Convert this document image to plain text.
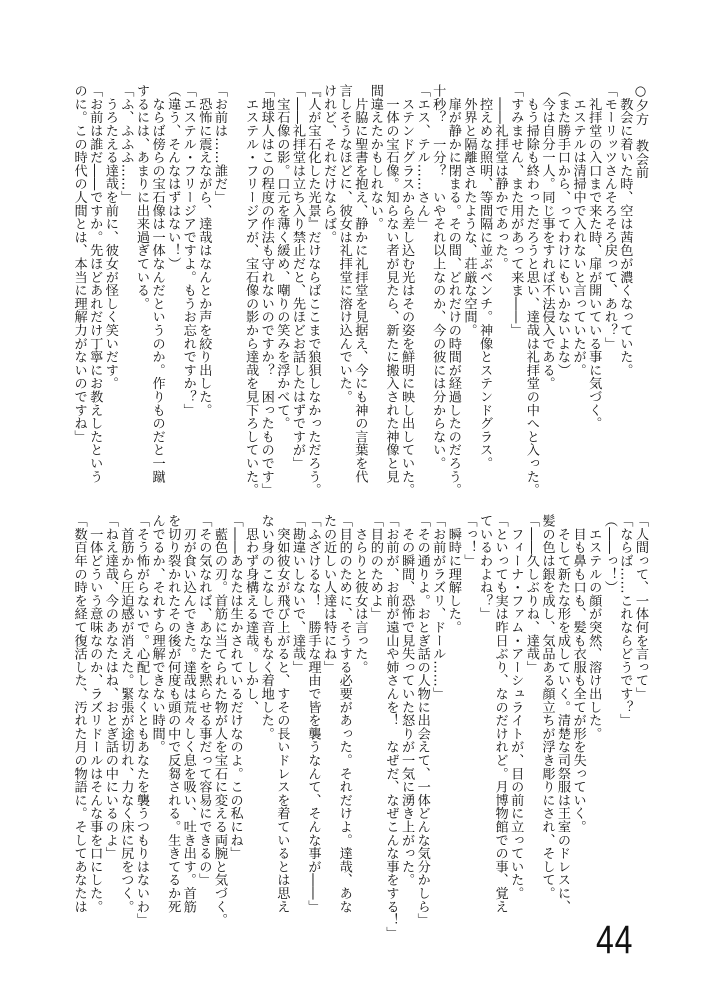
○夕方　教会前
　教会に着いた時、空は茜色が濃くなっていた。
「モーリッツさんそろそろ戻って、あれ？」
　礼拝堂の入口まで来た時、扉が開いている事に気づく。
　エステルは清掃中で入れないと言っていたが。
（また勝手口から、ってわけにもいかないよな）
　今は自分一人。同じ事をすれば不法侵入である。
　もう掃除も終わっただろうと思い、達哉は礼拝堂の中へと入った。
「すみません、また用があって来ま――」
　――礼拝堂は静かであった。
　控えめな照明、等間隔に並ぶベンチ。神像とステンドグラス。
　外界と隔離されたような、荘厳な空間。
　扉が静かに閉まる。その間、どれだけの時間が経過したのだろう。
十秒？　一分？　いやそれ以上なのか、今の彼には分からない。
「エス、テル……さん」
　ステンドグラスから差し込む光はその姿を鮮明に映し出していた。
　一体の宝石像。知らない者が見たら、新たに搬入された神像と見
間違えたかもしれない。
　片脇に聖書を抱え、静かに礼拝堂を見据え、今にも神の言葉を代
言しそうなほどに、彼女は礼拝堂に溶け込んでいた。
けれど、それだけならば。
『人が宝石化した光景』だけならばここまで狼狽しなかっただろう。
「――礼拝堂は立ち入り禁止だと、先ほどお話したはずですが」
　宝石像の影。口元を薄く緩め、嘲りの笑みを浮かべて。
「地球人はこの程度の作法も守れないのですか？　困ったものです」
　エステル・フリージアが、宝石像の影から達哉を見下ろしていた。

「お前は……誰だ」
　恐怖に震えながら、達哉はなんとか声を絞り出した。
「エステル・フリージアですよ。もうお忘れですか？」
（違う、そんなはずはない！）
　ならば傍らの宝石像は一体なんだというのか。作りものだと一蹴
するには、あまりに出来過ぎている。
「ふ、ふふふ……」
　うろたえる達哉を前に、彼女が怪しく笑いだす。
「お前は誰だ――ですか。先ほどあれだけ丁寧にお教えしたという
のに。この時代の人間とは、本当に理解力がないのですね」
「人間って、一体何を言って」
「ならば……これならどうです？」
（――っ！）
　エステルの顔が突然、溶け出した。
　目も鼻も口も、髪も衣服も全てが形を失っていく。
　そして新たな形を成していく。清楚な司祭服は王室のドレスに、
髪の色は銀を成し、気品ある顔立ちが浮き彫りにされ、そして。
「――久しぶりね、達哉」
　フィーナ・ファム・アーシュライトが、目の前に立っていた。
「といっても実は昨日ぶり、なのだけれど。月博物館での事、覚え
ているわよね？」
「っ！」
　瞬時に理解した。
「お前がラズリ、ドール……」
「その通りよ。おとぎ話の人物に出会えて、一体どんな気分かしら」
　その瞬間、恐怖で見失っていた怒りが一気に湧き上がった。
「お前が、お前が遠山や姉さんを！　なぜだ、なぜこんな事をする！」
「目的のためよ」
　さらりと彼女は言った。
「目的のために、そうする必要があった。それだけよ。達哉、あな
たの近しい人達は特にね」
「ふざけるな！　勝手な理由で皆を襲うなんて、そんな事が――」
「勘違いしないで、達哉」
　突如彼女が飛び上がると、すその長いドレスを着ているとは思え
ない身のこなしで音もなく着地した。
　思わず身構える達哉。しかし、
「――あなたは生かされているだけなのよ。この私にね」
　藍色の刃。首筋に当てられた物が人を宝石に変える両腕と気づく。
「その気なれば、あなたを黙らせる事だって容易にできるの」
　刃が食い込んできた。達哉は荒々しく息を吸い、吐き出す。首筋
を切り裂かれたその後が何度も頭の中で反芻される。生きてるか死
んでるか、それすら理解できない時間。
「そう怖がらないで。心配しなくともあなたを襲うつもりはないわ」
　首筋から圧迫感が消えた。緊張が途切れ、力なく床に尻をつく。
「ねえ達哉、今のあなたはね、おとぎ話の中にいるのよ」
　一体どういう意味なのか、ラズリドールはそんな事を口にした。
「数百年の時を経て復活した、汚れた月の物語に。そしてあなたは
44
